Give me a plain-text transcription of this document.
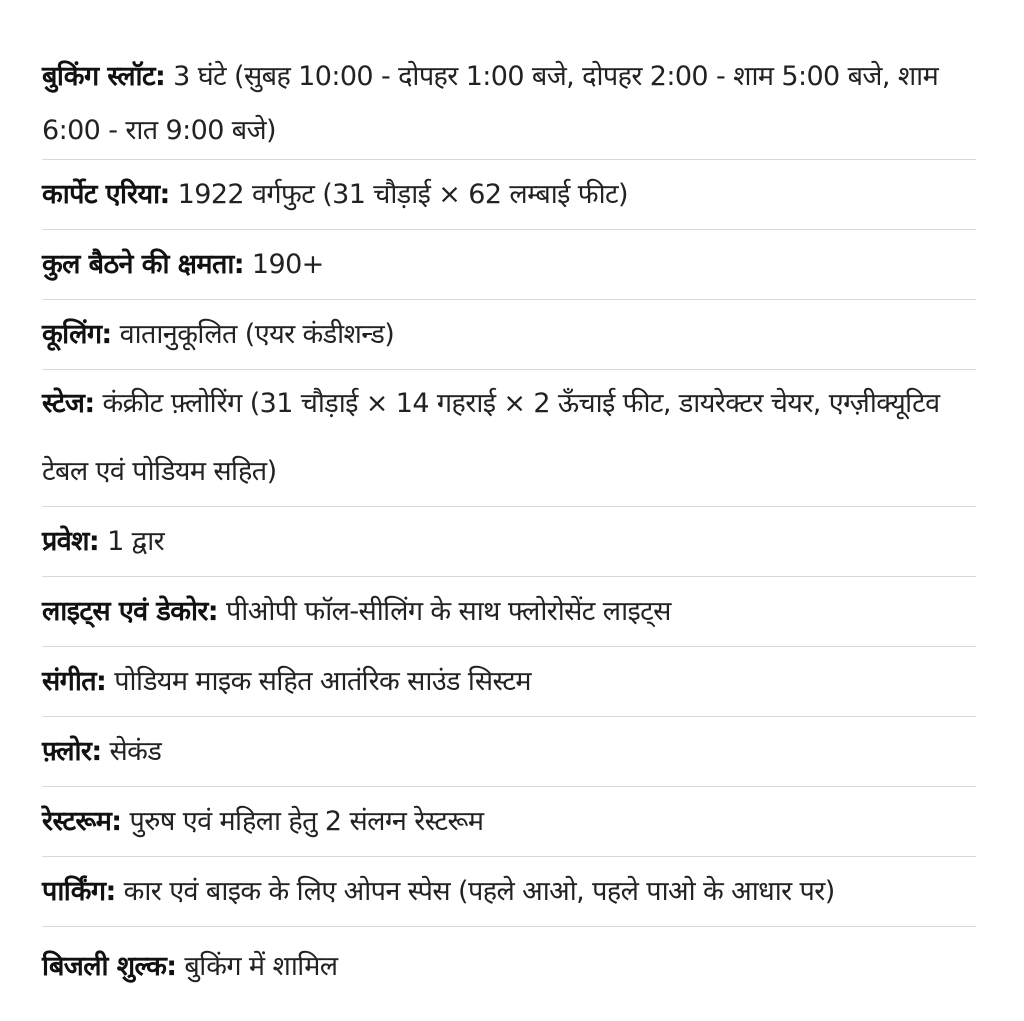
बुकिंग स्लॉट: 3 घंटे (सुबह 10:00 - दोपहर 1:00 बजे, दोपहर 2:00 - शाम 5:00 बजे, शाम 6:00 - रात 9:00 बजे)
कार्पेट एरिया: 1922 वर्गफुट (31 चौड़ाई × 62 लम्बाई फीट)
कुल बैठने की क्षमता: 190+
कूलिंग: वातानुकूलित (एयर कंडीशन्ड)
स्टेज: कंक्रीट फ़्लोरिंग (31 चौड़ाई × 14 गहराई × 2 ऊँचाई फीट, डायरेक्टर चेयर, एग्ज़ीक्यूटिव टेबल एवं पोडियम सहित)
प्रवेश: 1 द्वार
लाइट्स एवं डेकोर: पीओपी फॉल-सीलिंग के साथ फ्लोरोसेंट लाइट्स
संगीत: पोडियम माइक सहित आतंरिक साउंड सिस्टम
फ़्लोर: सेकंड
रेस्टरूम: पुरुष एवं महिला हेतु 2 संलग्न रेस्टरूम
पार्किंग: कार एवं बाइक के लिए ओपन स्पेस (पहले आओ, पहले पाओ के आधार पर)
बिजली शुल्क: बुकिंग में शामिल
